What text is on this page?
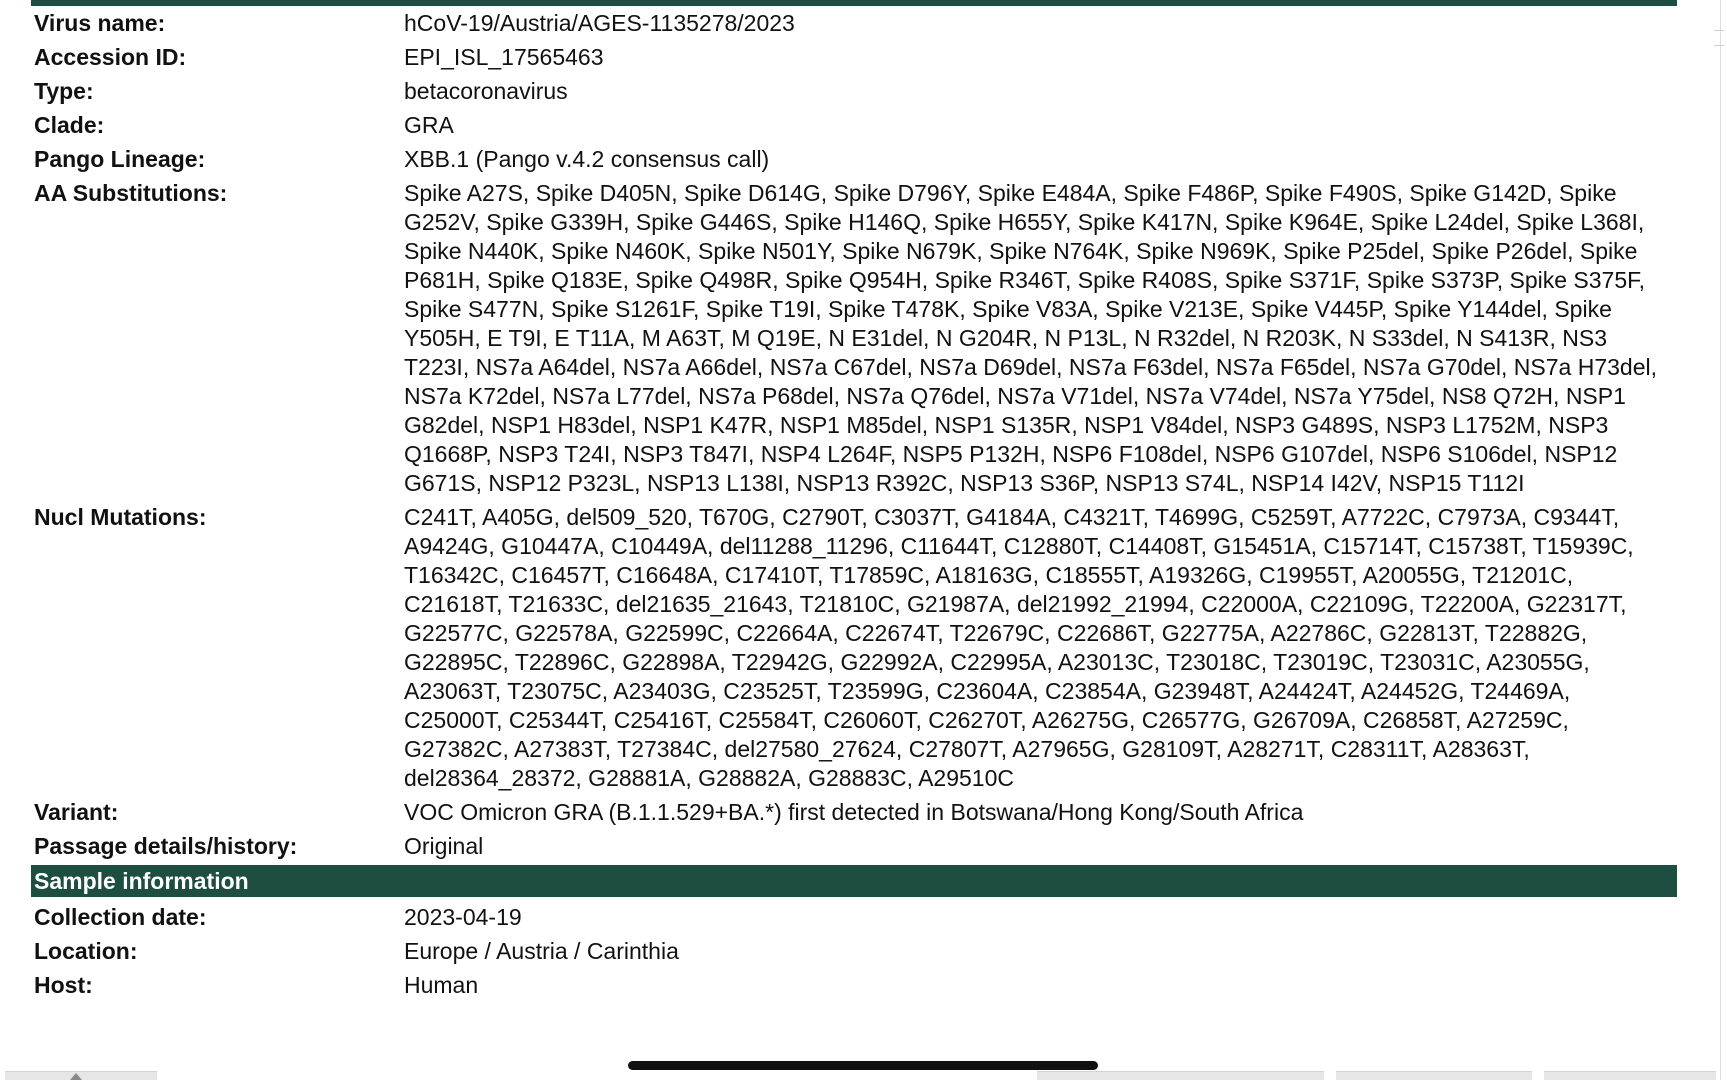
Virus name:	hCoV-19/Austria/AGES-1135278/2023
Accession ID:	EPI_ISL_17565463
Type:	betacoronavirus
Clade:	GRA
Pango Lineage:	XBB.1 (Pango v.4.2 consensus call)
AA Substitutions:	Spike A27S, Spike D405N, Spike D614G, Spike D796Y, Spike E484A, Spike F486P, Spike F490S, Spike G142D, Spike G252V, Spike G339H, Spike G446S, Spike H146Q, Spike H655Y, Spike K417N, Spike K964E, Spike L24del, Spike L368I, Spike N440K, Spike N460K, Spike N501Y, Spike N679K, Spike N764K, Spike N969K, Spike P25del, Spike P26del, Spike P681H, Spike Q183E, Spike Q498R, Spike Q954H, Spike R346T, Spike R408S, Spike S371F, Spike S373P, Spike S375F, Spike S477N, Spike S1261F, Spike T19I, Spike T478K, Spike V83A, Spike V213E, Spike V445P, Spike Y144del, Spike Y505H, E T9I, E T11A, M A63T, M Q19E, N E31del, N G204R, N P13L, N R32del, N R203K, N S33del, N S413R, NS3 T223I, NS7a A64del, NS7a A66del, NS7a C67del, NS7a D69del, NS7a F63del, NS7a F65del, NS7a G70del, NS7a H73del, NS7a K72del, NS7a L77del, NS7a P68del, NS7a Q76del, NS7a V71del, NS7a V74del, NS7a Y75del, NS8 Q72H, NSP1 G82del, NSP1 H83del, NSP1 K47R, NSP1 M85del, NSP1 S135R, NSP1 V84del, NSP3 G489S, NSP3 L1752M, NSP3 Q1668P, NSP3 T24I, NSP3 T847I, NSP4 L264F, NSP5 P132H, NSP6 F108del, NSP6 G107del, NSP6 S106del, NSP12 G671S, NSP12 P323L, NSP13 L138I, NSP13 R392C, NSP13 S36P, NSP13 S74L, NSP14 I42V, NSP15 T112I
Nucl Mutations:	C241T, A405G, del509_520, T670G, C2790T, C3037T, G4184A, C4321T, T4699G, C5259T, A7722C, C7973A, C9344T, A9424G, G10447A, C10449A, del11288_11296, C11644T, C12880T, C14408T, G15451A, C15714T, C15738T, T15939C, T16342C, C16457T, C16648A, C17410T, T17859C, A18163G, C18555T, A19326G, C19955T, A20055G, T21201C, C21618T, T21633C, del21635_21643, T21810C, G21987A, del21992_21994, C22000A, C22109G, T22200A, G22317T, G22577C, G22578A, G22599C, C22664A, C22674T, T22679C, C22686T, G22775A, A22786C, G22813T, T22882G, G22895C, T22896C, G22898A, T22942G, G22992A, C22995A, A23013C, T23018C, T23019C, T23031C, A23055G, A23063T, T23075C, A23403G, C23525T, T23599G, C23604A, C23854A, G23948T, A24424T, A24452G, T24469A, C25000T, C25344T, C25416T, C25584T, C26060T, C26270T, A26275G, C26577G, G26709A, C26858T, A27259C, G27382C, A27383T, T27384C, del27580_27624, C27807T, A27965G, G28109T, A28271T, C28311T, A28363T, del28364_28372, G28881A, G28882A, G28883C, A29510C
Variant:	VOC Omicron GRA (B.1.1.529+BA.*) first detected in Botswana/Hong Kong/South Africa
Passage details/history:	Original
Sample information
Collection date:	2023-04-19
Location:	Europe / Austria / Carinthia
Host:	Human
